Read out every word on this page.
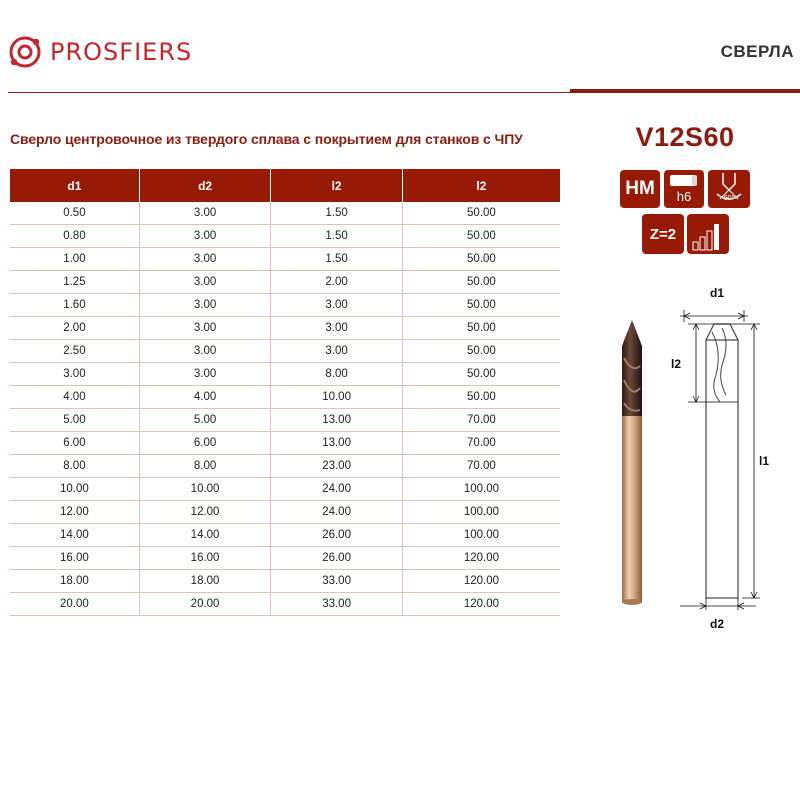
PROSFIERS	СВЕРЛА
Сверло центровочное из твердого сплава с покрытием для станков с ЧПУ	V12S60
d1	d2	l2	l2
0.50	3.00	1.50	50.00
0.80	3.00	1.50	50.00
1.00	3.00	1.50	50.00
1.25	3.00	2.00	50.00
1.60	3.00	3.00	50.00
2.00	3.00	3.00	50.00
2.50	3.00	3.00	50.00
3.00	3.00	8.00	50.00
4.00	4.00	10.00	50.00
5.00	5.00	13.00	70.00
6.00	6.00	13.00	70.00
8.00	8.00	23.00	70.00
10.00	10.00	24.00	100.00
12.00	12.00	24.00	100.00
14.00	14.00	26.00	100.00
16.00	16.00	26.00	120.00
18.00	18.00	33.00	120.00
20.00	20.00	33.00	120.00
HM	h6	90°
Z=2
d1
l2
l1
d2
